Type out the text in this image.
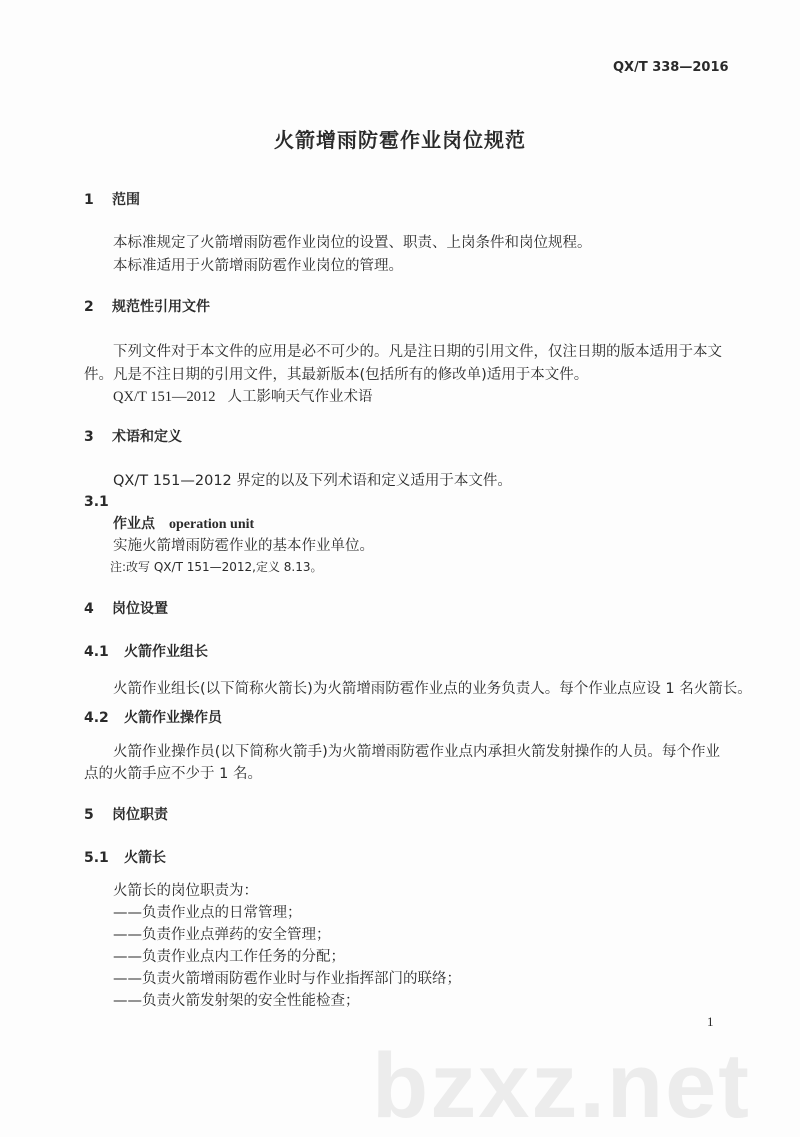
QX/T 338—2016
火箭增雨防雹作业岗位规范
1 范围
本标准规定了火箭增雨防雹作业岗位的设置、职责、上岗条件和岗位规程。
本标准适用于火箭增雨防雹作业岗位的管理。
2 规范性引用文件
下列文件对于本文件的应用是必不可少的。凡是注日期的引用文件，仅注日期的版本适用于本文
件。凡是不注日期的引用文件，其最新版本(包括所有的修改单)适用于本文件。
QX/T 151—2012 人工影响天气作业术语
3 术语和定义
QX/T 151—2012 界定的以及下列术语和定义适用于本文件。
3.1
作业点 operation unit
实施火箭增雨防雹作业的基本作业单位。
注:改写 QX/T 151—2012,定义 8.13。
4 岗位设置
4.1 火箭作业组长
火箭作业组长(以下简称火箭长)为火箭增雨防雹作业点的业务负责人。每个作业点应设 1 名火箭长。
4.2 火箭作业操作员
火箭作业操作员(以下简称火箭手)为火箭增雨防雹作业点内承担火箭发射操作的人员。每个作业
点的火箭手应不少于 1 名。
5 岗位职责
5.1 火箭长
火箭长的岗位职责为：
——负责作业点的日常管理；
——负责作业点弹药的安全管理；
——负责作业点内工作任务的分配；
——负责火箭增雨防雹作业时与作业指挥部门的联络；
——负责火箭发射架的安全性能检查；
1
bzxz.net
